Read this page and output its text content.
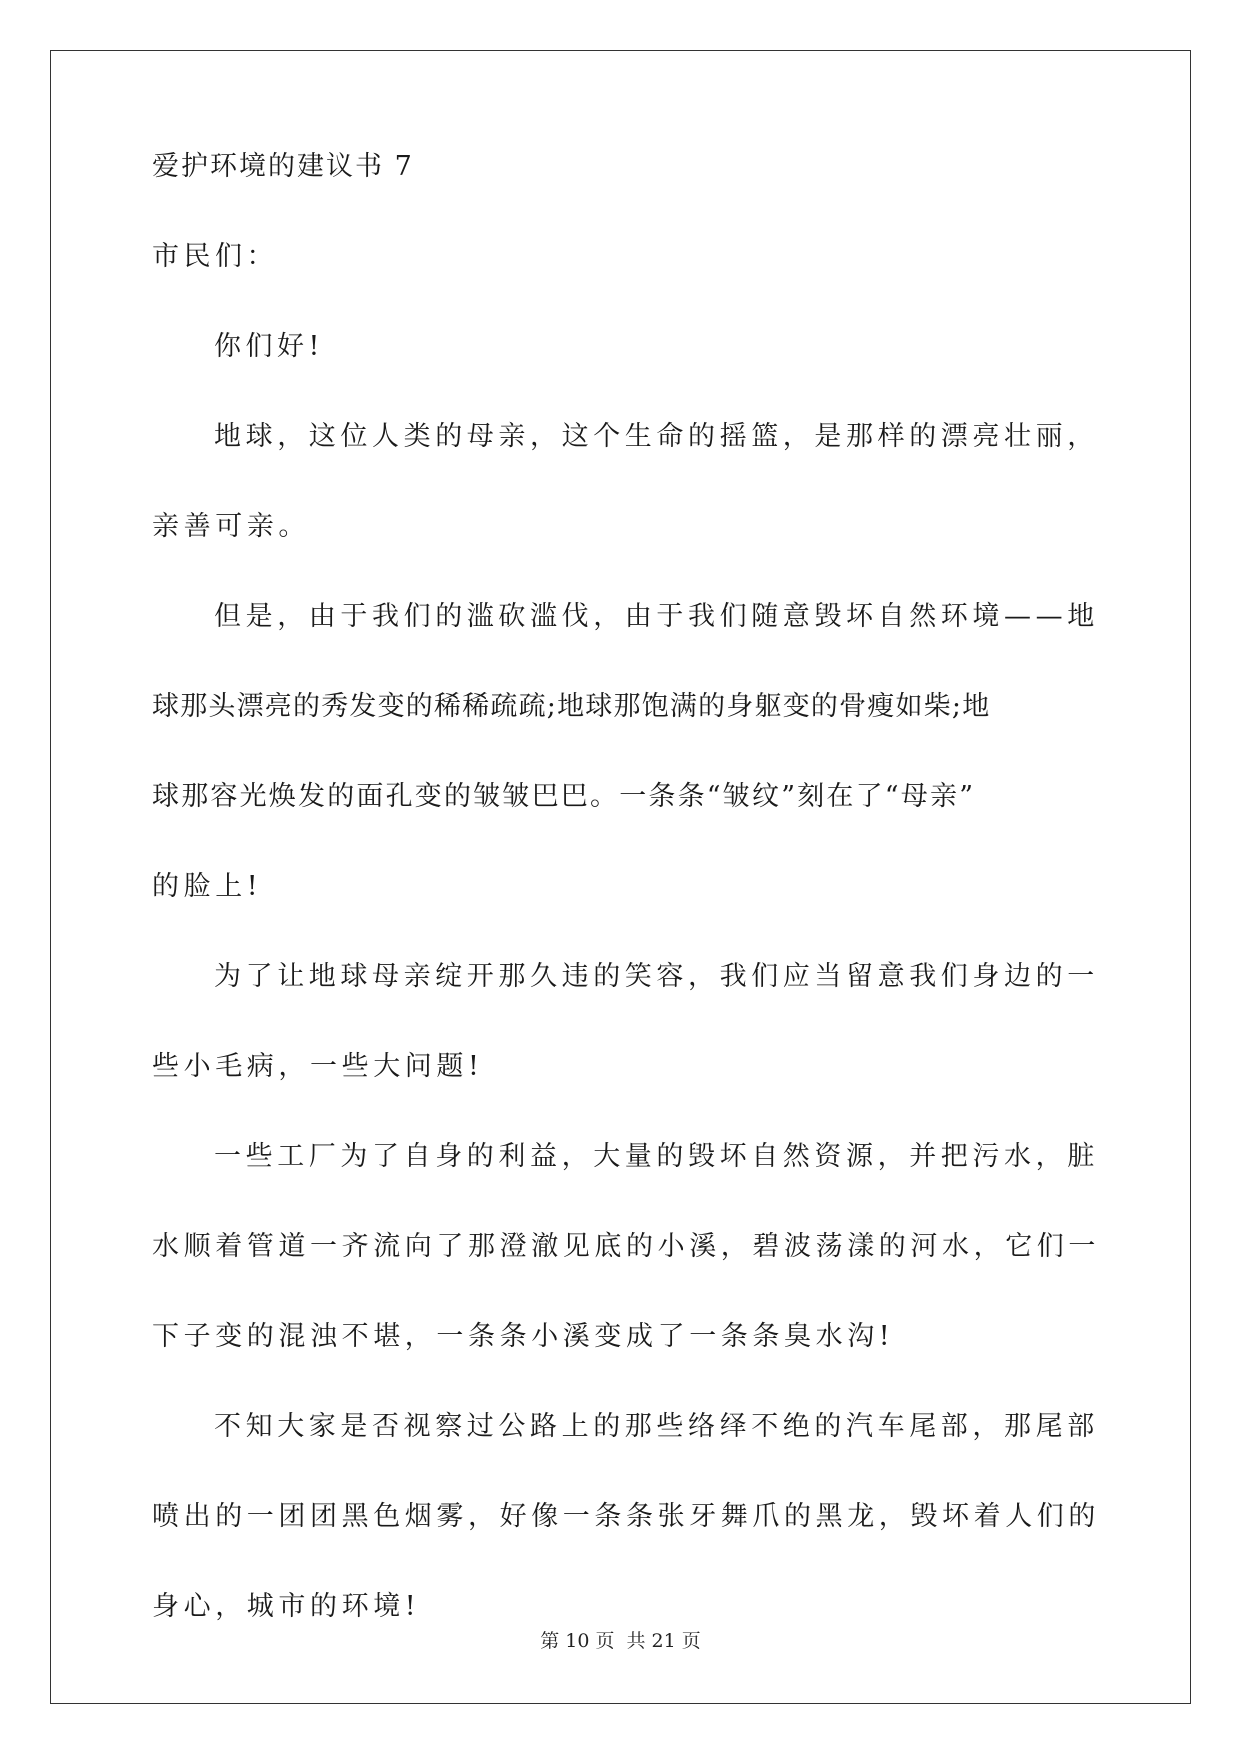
爱护环境的建议书 7
市民们：
你们好!
地球，这位人类的母亲，这个生命的摇篮，是那样的漂亮壮丽，
亲善可亲。
但是，由于我们的滥砍滥伐，由于我们随意毁坏自然环境——地
球那头漂亮的秀发变的稀稀疏疏;地球那饱满的身躯变的骨瘦如柴;地
球那容光焕发的面孔变的皱皱巴巴。一条条“皱纹”刻在了“母亲”
的脸上!
为了让地球母亲绽开那久违的笑容，我们应当留意我们身边的一
些小毛病，一些大问题!
一些工厂为了自身的利益，大量的毁坏自然资源，并把污水，脏
水顺着管道一齐流向了那澄澈见底的小溪，碧波荡漾的河水，它们一
下子变的混浊不堪，一条条小溪变成了一条条臭水沟!
不知大家是否视察过公路上的那些络绎不绝的汽车尾部，那尾部
喷出的一团团黑色烟雾，好像一条条张牙舞爪的黑龙，毁坏着人们的
身心，城市的环境!
第 10 页 共 21 页
